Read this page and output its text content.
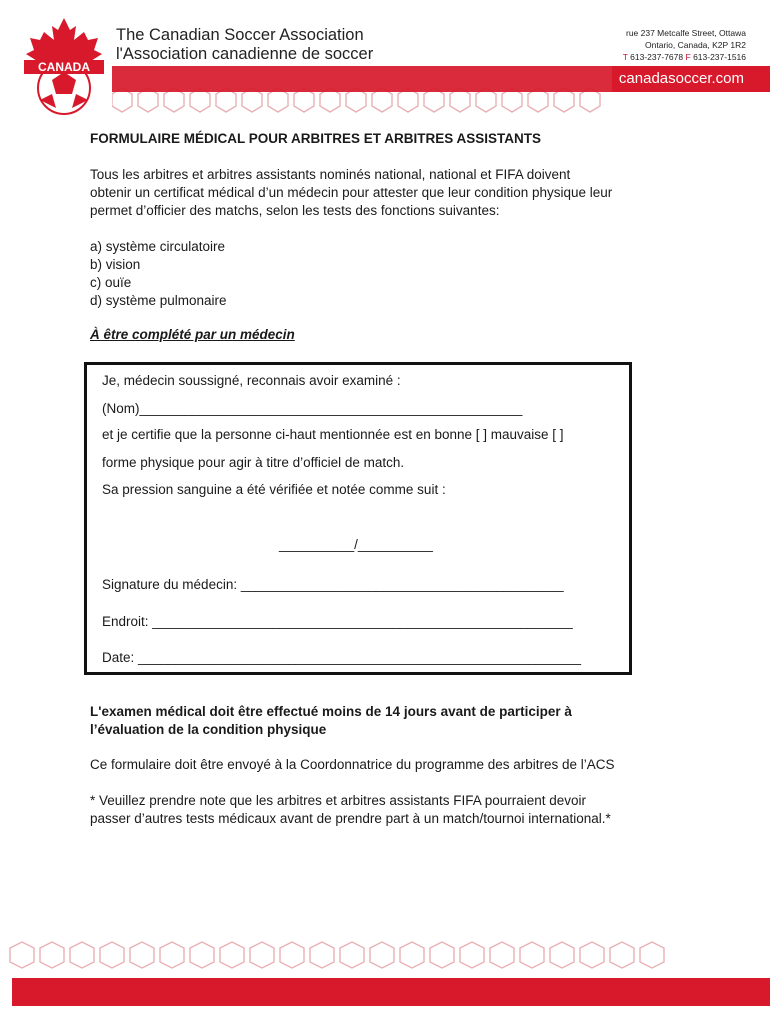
CANADA
The Canadian Soccer Association
l'Association canadienne de soccer
rue 237 Metcalfe Street, Ottawa
Ontario, Canada, K2P 1R2
T 613-237-7678 F 613-237-1516
canadasoccer.com
FORMULAIRE MÉDICAL POUR ARBITRES ET ARBITRES ASSISTANTS
Tous les arbitres et arbitres assistants nominés national, national et FIFA doivent
obtenir un certificat médical d’un médecin pour attester que leur condition physique leur
permet d’officier des matchs, selon les tests des fonctions suivantes:
a) système circulatoire
b) vision
c) ouïe
d) système pulmonaire
À être complété par un médecin
Je, médecin soussigné, reconnais avoir examiné :
(Nom)___________________________________________________
et je certifie que la personne ci-haut mentionnée est en bonne [ ] mauvaise [ ]
forme physique pour agir à titre d’officiel de match.
Sa pression sanguine a été vérifiée et notée comme suit :
__________/__________
Signature du médecin: ___________________________________________
Endroit: ________________________________________________________
Date: ___________________________________________________________
L'examen médical doit être effectué moins de 14 jours avant de participer à
l’évaluation de la condition physique
Ce formulaire doit être envoyé à la Coordonnatrice du programme des arbitres de l’ACS
* Veuillez prendre note que les arbitres et arbitres assistants FIFA pourraient devoir
passer d’autres tests médicaux avant de prendre part à un match/tournoi international.*
